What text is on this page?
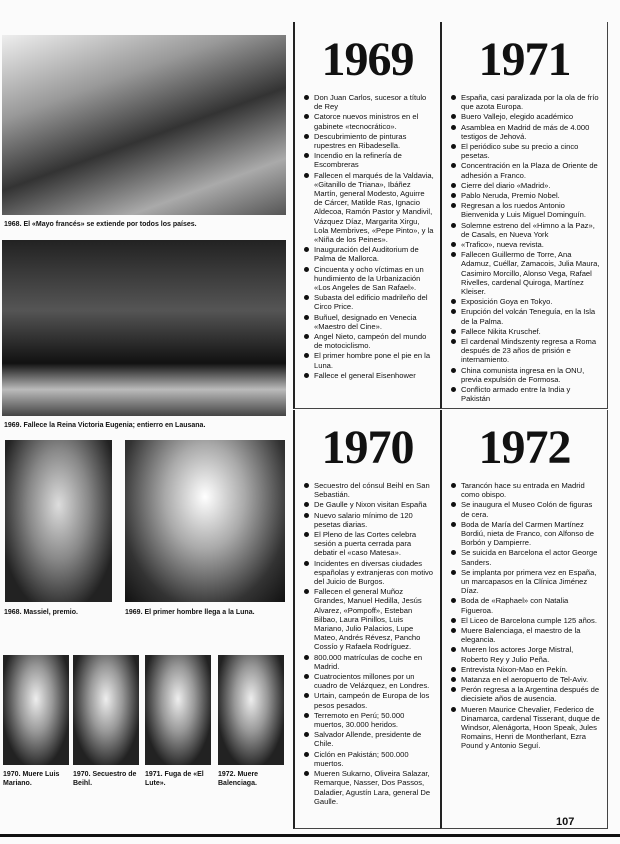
1968. El «Mayo francés» se extiende por todos los países.
1969. Fallece la Reina Victoria Eugenia; entierro en Lausana.
1968. Massiel, premio.	1969. El primer hombre llega a la Luna.
1970. Muere Luis Mariano.
1970. Secuestro de Beihl.
1971. Fuga de «El Lute».
1972. Muere Balenciaga.
1969
Don Juan Carlos, sucesor a título de Rey
Catorce nuevos ministros en el gabinete «tecnocrático».
Descubrimiento de pinturas rupestres en Ribadesella.
Incendio en la refinería de Escombreras
Fallecen el marqués de la Valdavia, «Gitanillo de Triana», Ibáñez Martín, general Modesto, Aguirre de Cárcer, Matilde Ras, Ignacio Aldecoa, Ramón Pastor y Mandivil, Vázquez Díaz, Margarita Xirgu, Lola Membrives, «Pepe Pinto», y la «Niña de los Peines».
Inauguración del Auditorium de Palma de Mallorca.
Cincuenta y ocho víctimas en un hundimiento de la Urbanización «Los Angeles de San Rafael».
Subasta del edificio madrileño del Circo Price.
Buñuel, designado en Venecia «Maestro del Cine».
Angel Nieto, campeón del mundo de motociclismo.
El primer hombre pone el pie en la Luna.
Fallece el general Eisenhower
1971
España, casi paralizada por la ola de frío que azota Europa.
Buero Vallejo, elegido académico
Asamblea en Madrid de más de 4.000 testigos de Jehová.
El periódico sube su precio a cinco pesetas.
Concentración en la Plaza de Oriente de adhesión a Franco.
Cierre del diario «Madrid».
Pablo Neruda, Premio Nobel.
Regresan a los ruedos Antonio Bienvenida y Luis Miguel Dominguín.
Solemne estreno del «Himno a la Paz», de Casals, en Nueva York
«Trafico», nueva revista.
Fallecen Guillermo de Torre, Ana Adamuz, Cuéllar, Zamacois, Julia Maura, Casimiro Morcillo, Alonso Vega, Rafael Rivelles, cardenal Quiroga, Martínez Kleiser.
Exposición Goya en Tokyo.
Erupción del volcán Teneguía, en la Isla de la Palma.
Fallece Nikita Kruschef.
El cardenal Mindszenty regresa a Roma después de 23 años de prisión e internamiento.
China comunista ingresa en la ONU, previa expulsión de Formosa.
Conflicto armado entre la India y Pakistán
1970
Secuestro del cónsul Beihl en San Sebastián.
De Gaulle y Nixon visitan España
Nuevo salario mínimo de 120 pesetas diarias.
El Pleno de las Cortes celebra sesión a puerta cerrada para debatir el «caso Matesa».
Incidentes en diversas ciudades españolas y extranjeras con motivo del Juicio de Burgos.
Fallecen el general Muñoz Grandes, Manuel Hedilla, Jesús Alvarez, «Pompoff», Esteban Bilbao, Laura Pinillos, Luis Mariano, Julio Palacios, Lupe Mateo, Andrés Révesz, Pancho Cossío y Rafaela Rodríguez.
800.000 matrículas de coche en Madrid.
Cuatrocientos millones por un cuadro de Velázquez, en Londres.
Urtain, campeón de Europa de los pesos pesados.
Terremoto en Perú; 50.000 muertos, 30.000 heridos.
Salvador Allende, presidente de Chile.
Ciclón en Pakistán; 500.000 muertos.
Mueren Sukarno, Oliveira Salazar, Remarque, Nasser, Dos Passos, Daladier, Agustín Lara, general De Gaulle.
1972
Tarancón hace su entrada en Madrid como obispo.
Se inaugura el Museo Colón de figuras de cera.
Boda de María del Carmen Martínez Bordiú, nieta de Franco, con Alfonso de Borbón y Dampierre.
Se suicida en Barcelona el actor George Sanders.
Se implanta por primera vez en España, un marcapasos en la Clínica Jiménez Díaz.
Boda de «Raphael» con Natalia Figueroa.
El Liceo de Barcelona cumple 125 años.
Muere Balenciaga, el maestro de la elegancia.
Mueren los actores Jorge Mistral, Roberto Rey y Julio Peña.
Entrevista Nixon-Mao en Pekín.
Matanza en el aeropuerto de Tel-Aviv.
Perón regresa a la Argentina después de diecisiete años de ausencia.
Mueren Maurice Chevalier, Federico de Dinamarca, cardenal Tisserant, duque de Windsor, Alenágorta, Hoon Speak, Jules Romains, Henri de Montherlant, Ezra Pound y Antonio Seguí.
107
